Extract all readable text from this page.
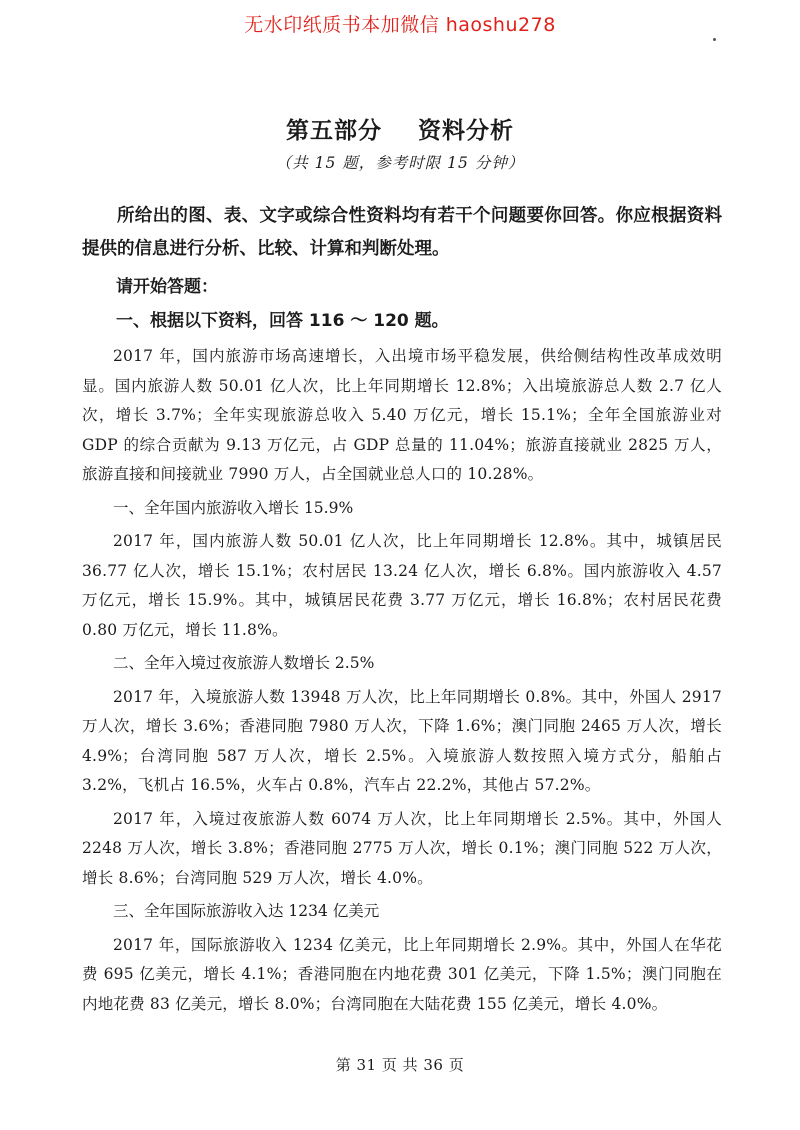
无水印纸质书本加微信 haoshu278
第五部分    资料分析
（共 15 题，参考时限 15 分钟）

所给出的图、表、文字或综合性资料均有若干个问题要你回答。你应根据资料提供的信息进行分析、比较、计算和判断处理。

请开始答题：

一、根据以下资料，回答 116 ～ 120 题。

2017 年，国内旅游市场高速增长，入出境市场平稳发展，供给侧结构性改革成效明显。国内旅游人数 50.01 亿人次，比上年同期增长 12.8%；入出境旅游总人数 2.7 亿人次，增长 3.7%；全年实现旅游总收入 5.40 万亿元，增长 15.1%；全年全国旅游业对 GDP 的综合贡献为 9.13 万亿元，占 GDP 总量的 11.04%；旅游直接就业 2825 万人，旅游直接和间接就业 7990 万人，占全国就业总人口的 10.28%。

一、全年国内旅游收入增长 15.9%

2017 年，国内旅游人数 50.01 亿人次，比上年同期增长 12.8%。其中，城镇居民 36.77 亿人次，增长 15.1%；农村居民 13.24 亿人次，增长 6.8%。国内旅游收入 4.57 万亿元，增长 15.9%。其中，城镇居民花费 3.77 万亿元，增长 16.8%；农村居民花费 0.80 万亿元，增长 11.8%。

二、全年入境过夜旅游人数增长 2.5%

2017 年，入境旅游人数 13948 万人次，比上年同期增长 0.8%。其中，外国人 2917 万人次，增长 3.6%；香港同胞 7980 万人次，下降 1.6%；澳门同胞 2465 万人次，增长 4.9%；台湾同胞 587 万人次，增长 2.5%。入境旅游人数按照入境方式分，船舶占 3.2%，飞机占 16.5%，火车占 0.8%，汽车占 22.2%，其他占 57.2%。

2017 年，入境过夜旅游人数 6074 万人次，比上年同期增长 2.5%。其中，外国人 2248 万人次，增长 3.8%；香港同胞 2775 万人次，增长 0.1%；澳门同胞 522 万人次，增长 8.6%；台湾同胞 529 万人次，增长 4.0%。

三、全年国际旅游收入达 1234 亿美元

2017 年，国际旅游收入 1234 亿美元，比上年同期增长 2.9%。其中，外国人在华花费 695 亿美元，增长 4.1%；香港同胞在内地花费 301 亿美元，下降 1.5%；澳门同胞在内地花费 83 亿美元，增长 8.0%；台湾同胞在大陆花费 155 亿美元，增长 4.0%。

第 31 页 共 36 页
